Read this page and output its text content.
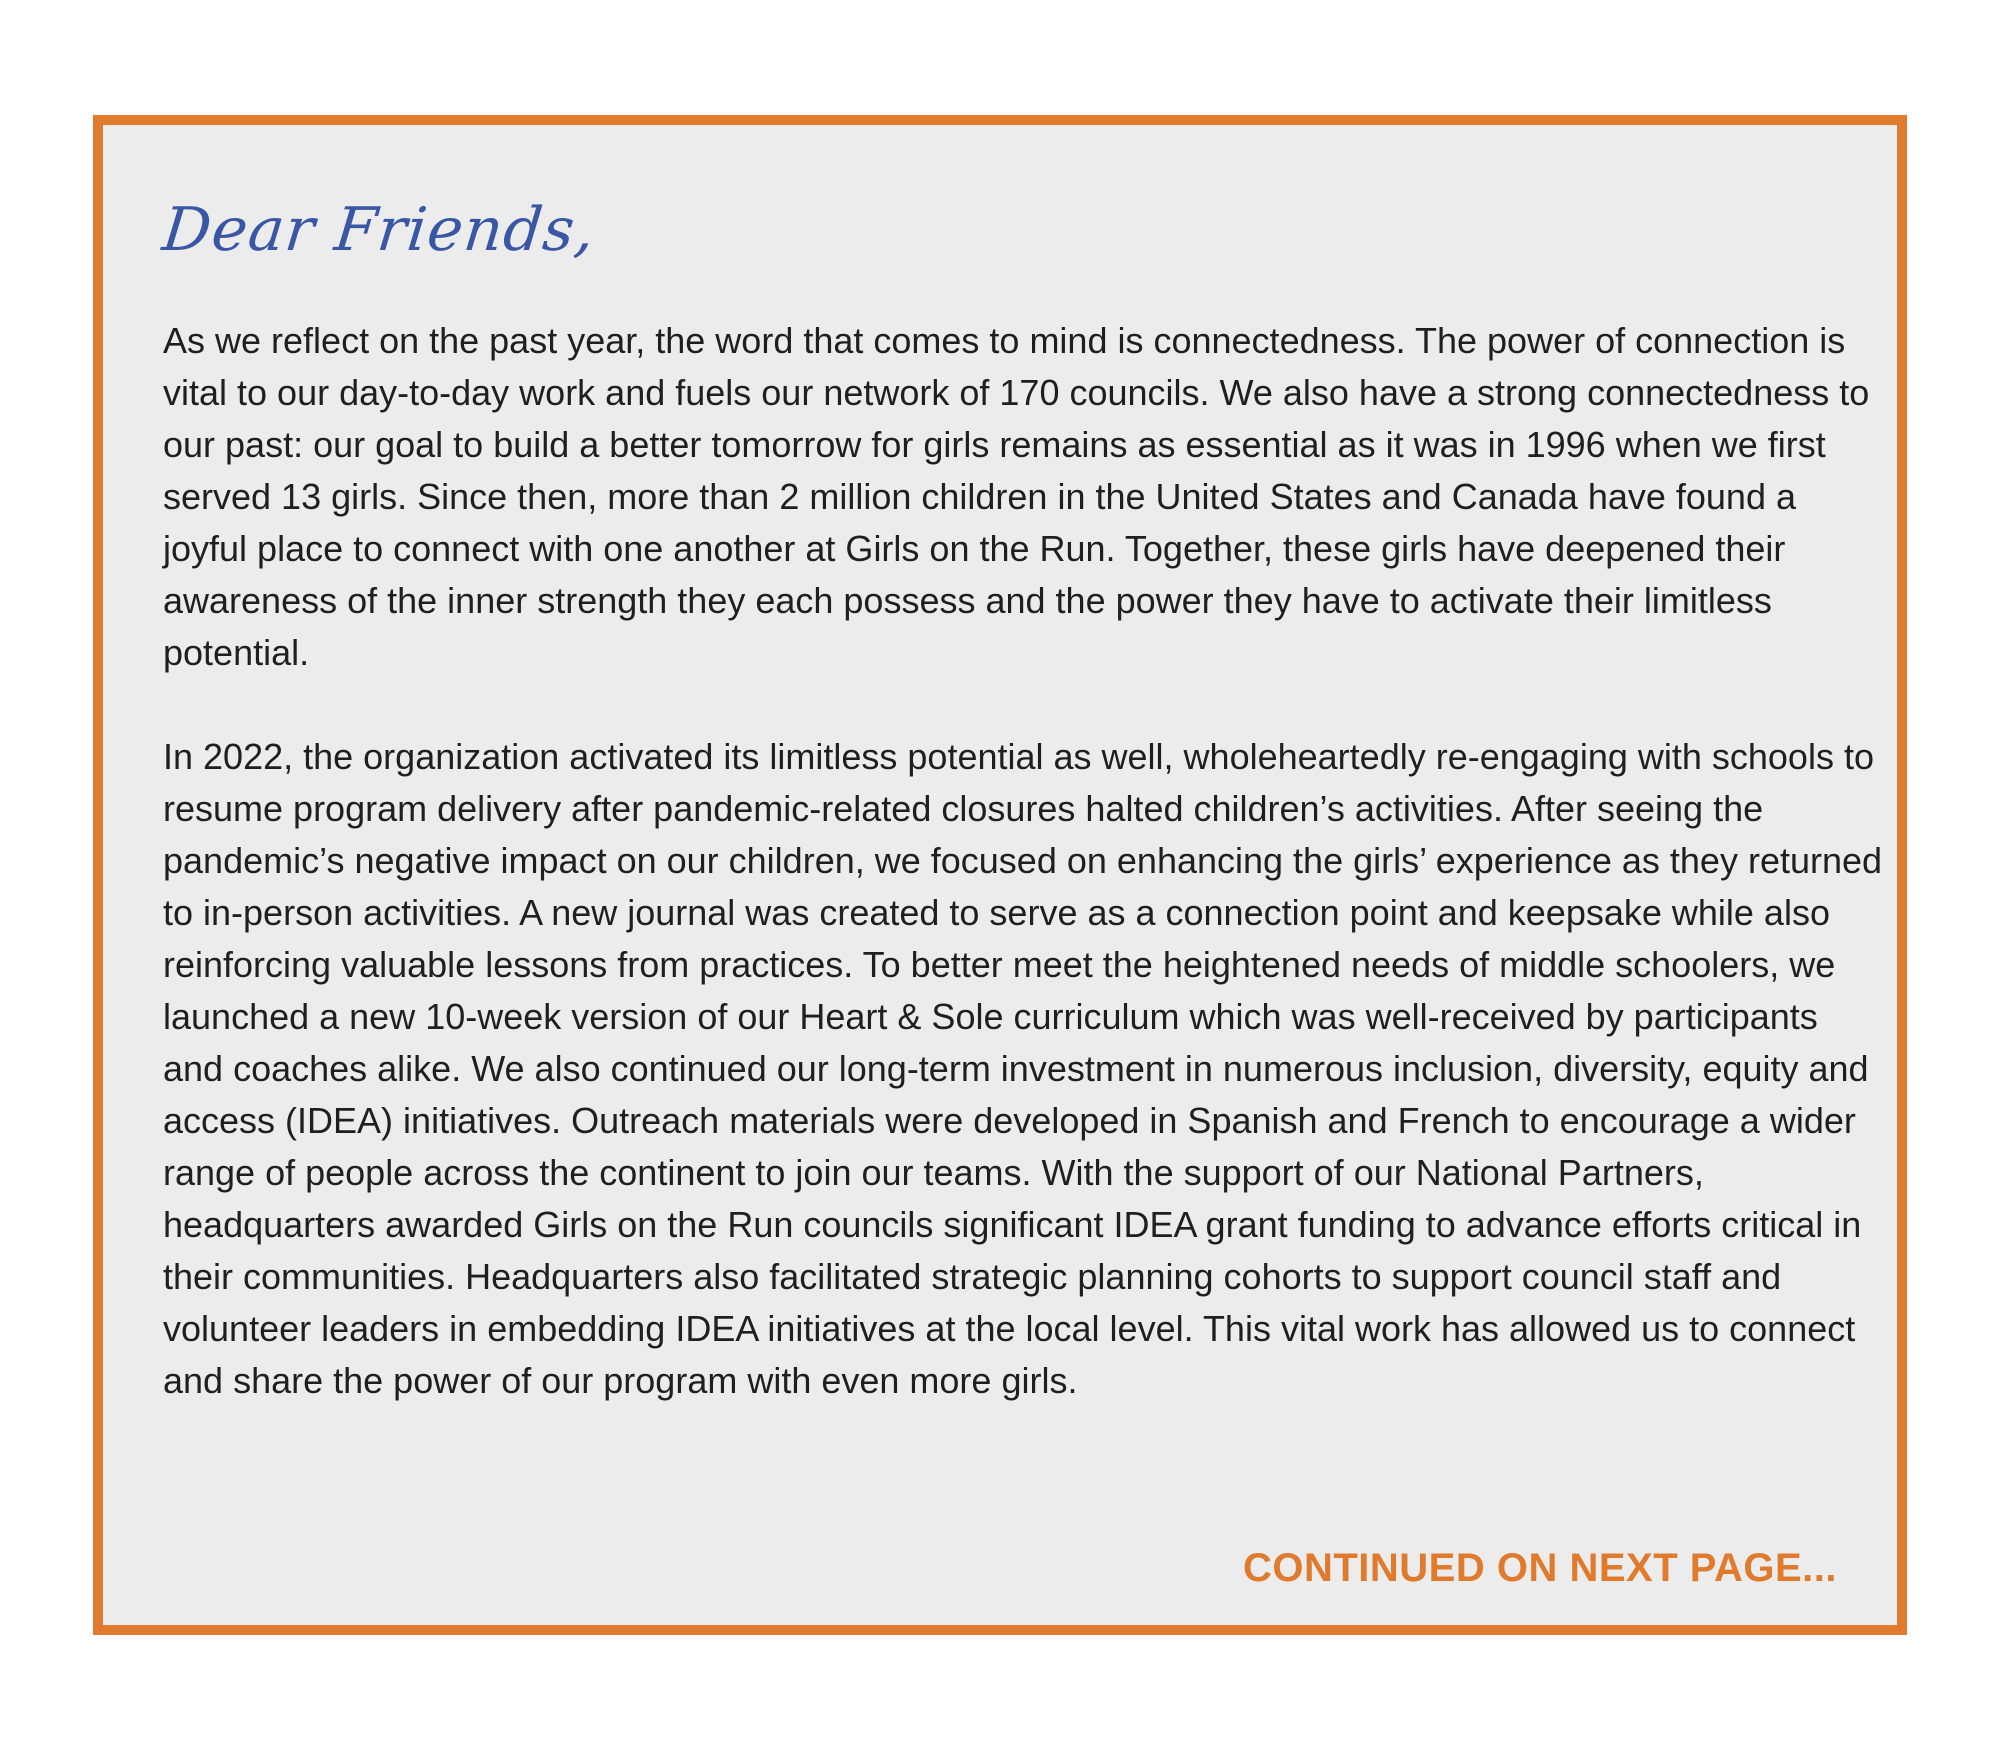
Dear Friends,

As we reflect on the past year, the word that comes to mind is connectedness. The power of connection is vital to our day-to-day work and fuels our network of 170 councils. We also have a strong connectedness to our past: our goal to build a better tomorrow for girls remains as essential as it was in 1996 when we first served 13 girls. Since then, more than 2 million children in the United States and Canada have found a joyful place to connect with one another at Girls on the Run. Together, these girls have deepened their awareness of the inner strength they each possess and the power they have to activate their limitless potential.

In 2022, the organization activated its limitless potential as well, wholeheartedly re-engaging with schools to resume program delivery after pandemic-related closures halted children’s activities. After seeing the pandemic’s negative impact on our children, we focused on enhancing the girls’ experience as they returned to in-person activities. A new journal was created to serve as a connection point and keepsake while also reinforcing valuable lessons from practices. To better meet the heightened needs of middle schoolers, we launched a new 10-week version of our Heart & Sole curriculum which was well-received by participants and coaches alike. We also continued our long-term investment in numerous inclusion, diversity, equity and access (IDEA) initiatives. Outreach materials were developed in Spanish and French to encourage a wider range of people across the continent to join our teams. With the support of our National Partners, headquarters awarded Girls on the Run councils significant IDEA grant funding to advance efforts critical in their communities. Headquarters also facilitated strategic planning cohorts to support council staff and volunteer leaders in embedding IDEA initiatives at the local level. This vital work has allowed us to connect and share the power of our program with even more girls.

CONTINUED ON NEXT PAGE...
